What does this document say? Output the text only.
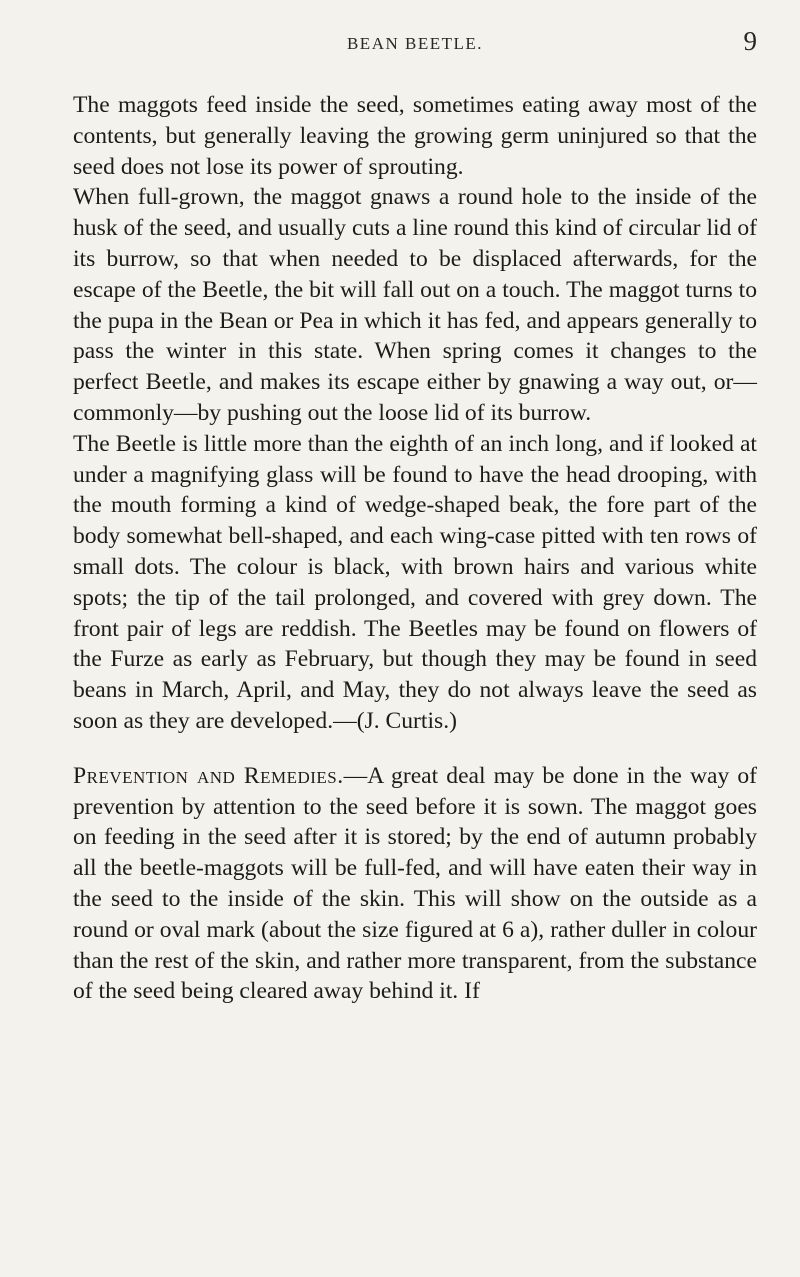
BEAN BEETLE.	9

The maggots feed inside the seed, sometimes eating away most of the contents, but generally leaving the growing germ uninjured so that the seed does not lose its power of sprouting.

When full-grown, the maggot gnaws a round hole to the inside of the husk of the seed, and usually cuts a line round this kind of circular lid of its burrow, so that when needed to be displaced afterwards, for the escape of the Beetle, the bit will fall out on a touch. The maggot turns to the pupa in the Bean or Pea in which it has fed, and appears generally to pass the winter in this state. When spring comes it changes to the perfect Beetle, and makes its escape either by gnawing a way out, or—commonly—by pushing out the loose lid of its burrow.

The Beetle is little more than the eighth of an inch long, and if looked at under a magnifying glass will be found to have the head drooping, with the mouth forming a kind of wedge-shaped beak, the fore part of the body somewhat bell-shaped, and each wing-case pitted with ten rows of small dots. The colour is black, with brown hairs and various white spots; the tip of the tail prolonged, and covered with grey down. The front pair of legs are reddish. The Beetles may be found on flowers of the Furze as early as February, but though they may be found in seed beans in March, April, and May, they do not always leave the seed as soon as they are developed.—(J. Curtis.)

Prevention and Remedies.—A great deal may be done in the way of prevention by attention to the seed before it is sown. The maggot goes on feeding in the seed after it is stored; by the end of autumn probably all the beetle-maggots will be full-fed, and will have eaten their way in the seed to the inside of the skin. This will show on the outside as a round or oval mark (about the size figured at 6 a), rather duller in colour than the rest of the skin, and rather more transparent, from the substance of the seed being cleared away behind it. If
